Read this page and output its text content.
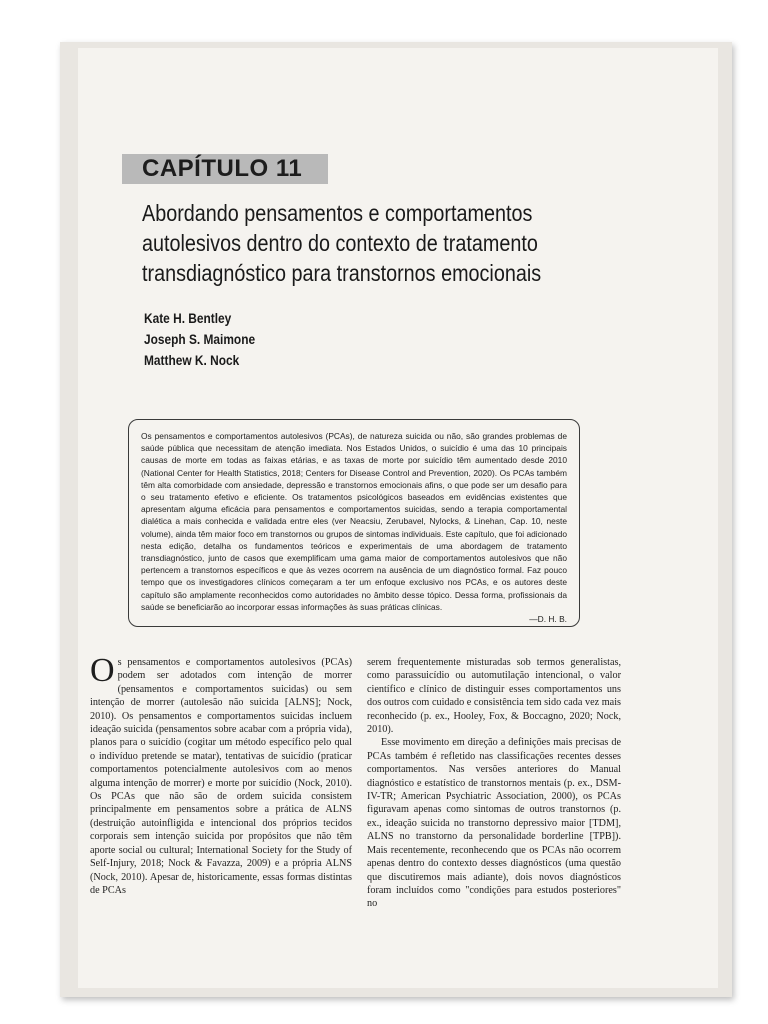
CAPÍTULO 11
Abordando pensamentos e comportamentos
autolesivos dentro do contexto de tratamento
transdiagnóstico para transtornos emocionais
Kate H. Bentley
Joseph S. Maimone
Matthew K. Nock
Os pensamentos e comportamentos autolesivos (PCAs), de natureza suicida ou não, são grandes problemas de saúde pública que necessitam de atenção imediata. Nos Estados Unidos, o suicídio é uma das 10 principais causas de morte em todas as faixas etárias, e as taxas de morte por suicídio têm aumentado desde 2010 (National Center for Health Statistics, 2018; Centers for Disease Control and Prevention, 2020). Os PCAs também têm alta comorbidade com ansiedade, depressão e transtornos emocionais afins, o que pode ser um desafio para o seu tratamento efetivo e eficiente. Os tratamentos psicológicos baseados em evidências existentes que apresentam alguma eficácia para pensamentos e comportamentos suicidas, sendo a terapia comportamental dialética a mais conhecida e validada entre eles (ver Neacsiu, Zerubavel, Nylocks, & Linehan, Cap. 10, neste volume), ainda têm maior foco em transtornos ou grupos de sintomas individuais. Este capítulo, que foi adicionado nesta edição, detalha os fundamentos teóricos e experimentais de uma abordagem de tratamento transdiagnóstico, junto de casos que exemplificam uma gama maior de comportamentos autolesivos que não pertencem a transtornos específicos e que às vezes ocorrem na ausência de um diagnóstico formal. Faz pouco tempo que os investigadores clínicos começaram a ter um enfoque exclusivo nos PCAs, e os autores deste capítulo são amplamente reconhecidos como autoridades no âmbito desse tópico. Dessa forma, profissionais da saúde se beneficiarão ao incorporar essas informações às suas práticas clínicas.
—D. H. B.

Os pensamentos e comportamentos autolesivos (PCAs) podem ser adotados com intenção de morrer (pensamentos e comportamentos suicidas) ou sem intenção de morrer (autolesão não suicida [ALNS]; Nock, 2010). Os pensamentos e comportamentos suicidas incluem ideação suicida (pensamentos sobre acabar com a própria vida), planos para o suicídio (cogitar um método específico pelo qual o indivíduo pretende se matar), tentativas de suicídio (praticar comportamentos potencialmente autolesivos com ao menos alguma intenção de morrer) e morte por suicídio (Nock, 2010). Os PCAs que não são de ordem suicida consistem principalmente em pensamentos sobre a prática de ALNS (destruição autoinfligida e intencional dos próprios tecidos corporais sem intenção suicida por propósitos que não têm aporte social ou cultural; International Society for the Study of Self-Injury, 2018; Nock & Favazza, 2009) e a própria ALNS (Nock, 2010). Apesar de, historicamente, essas formas distintas de PCAs

serem frequentemente misturadas sob termos generalistas, como parassuicídio ou automutilação intencional, o valor científico e clínico de distinguir esses comportamentos uns dos outros com cuidado e consistência tem sido cada vez mais reconhecido (p. ex., Hooley, Fox, & Boccagno, 2020; Nock, 2010).

Esse movimento em direção a definições mais precisas de PCAs também é refletido nas classificações recentes desses comportamentos. Nas versões anteriores do Manual diagnóstico e estatístico de transtornos mentais (p. ex., DSM-IV-TR; American Psychiatric Association, 2000), os PCAs figuravam apenas como sintomas de outros transtornos (p. ex., ideação suicida no transtorno depressivo maior [TDM], ALNS no transtorno da personalidade borderline [TPB]). Mais recentemente, reconhecendo que os PCAs não ocorrem apenas dentro do contexto desses diagnósticos (uma questão que discutiremos mais adiante), dois novos diagnósticos foram incluídos como "condições para estudos posteriores" no
